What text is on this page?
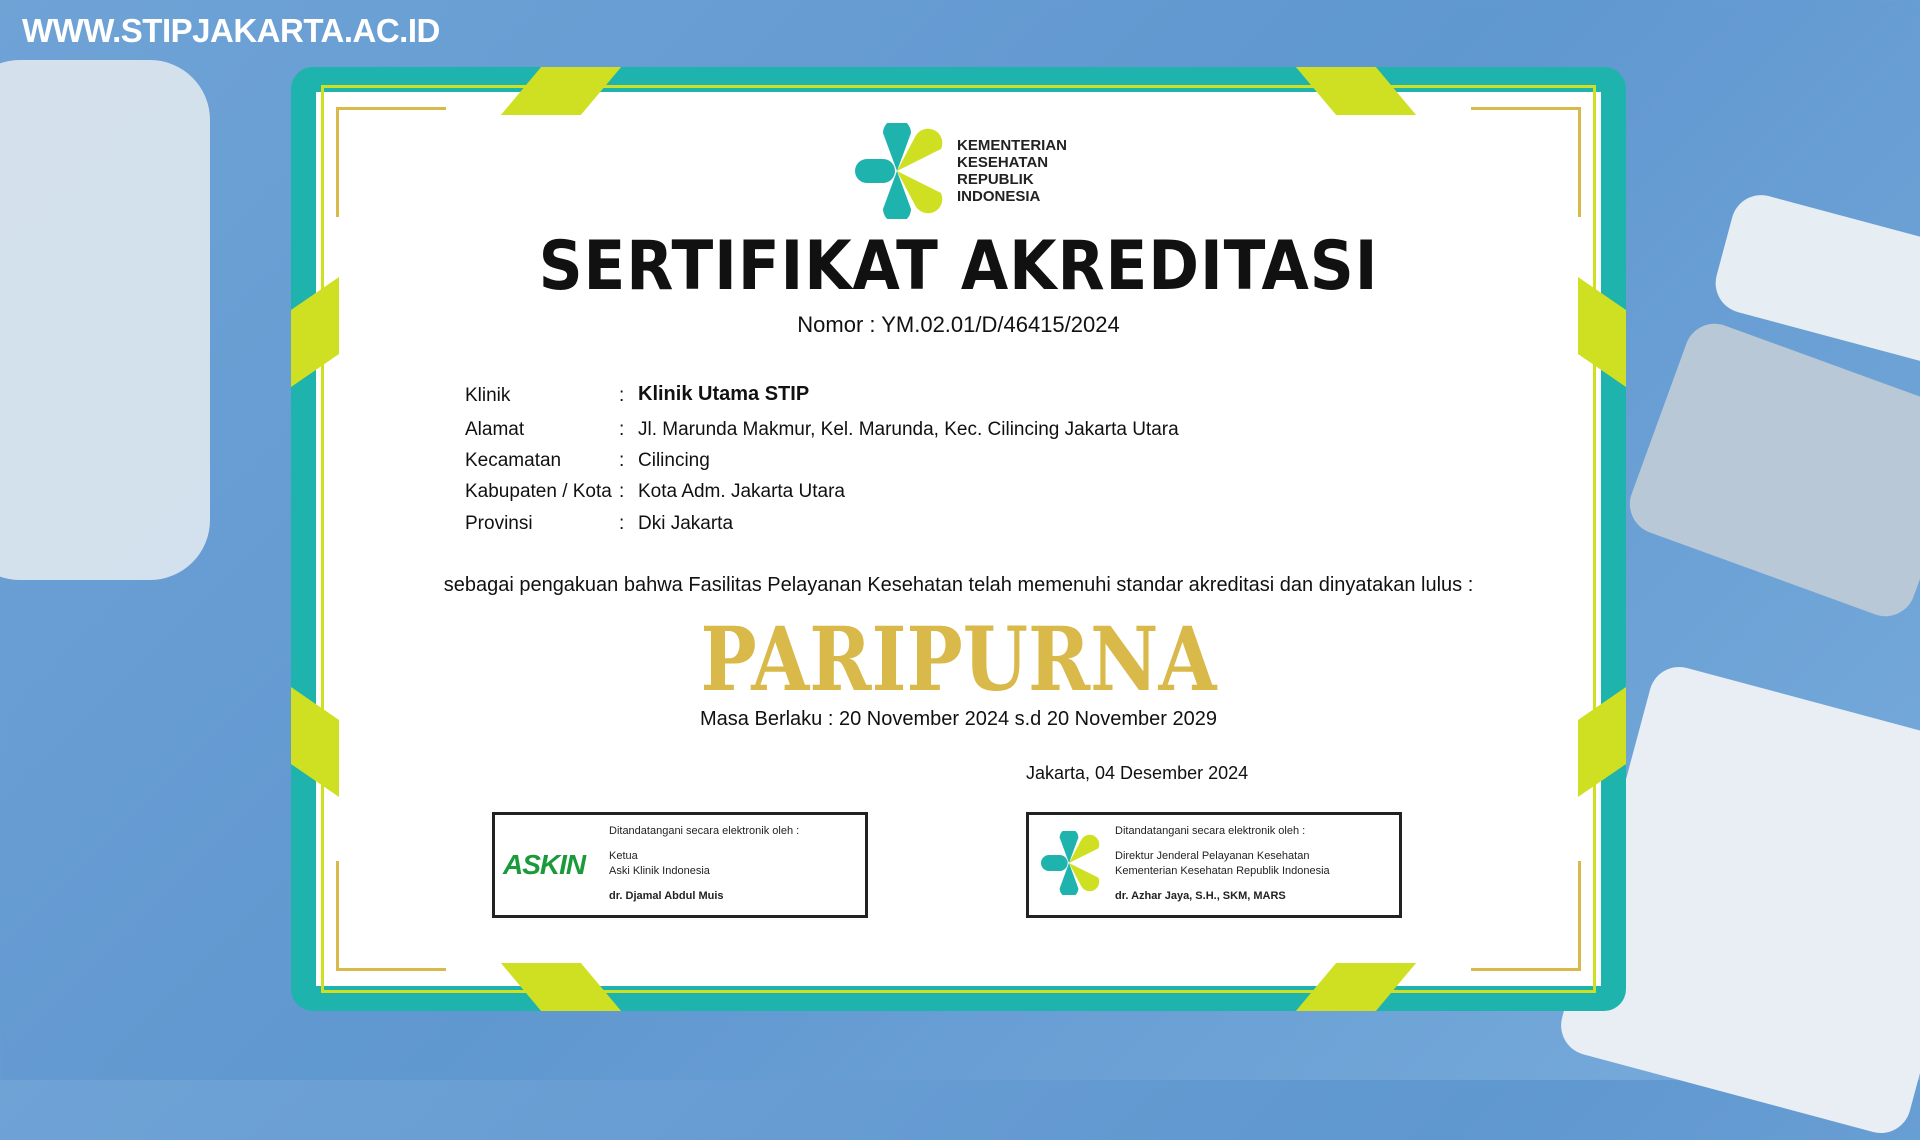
WWW.STIPJAKARTA.AC.ID
KEMENTERIAN
KESEHATAN
REPUBLIK
INDONESIA
SERTIFIKAT AKREDITASI
Nomor : YM.02.01/D/46415/2024
Klinik	: Klinik Utama STIP
Alamat	: Jl. Marunda Makmur, Kel. Marunda, Kec. Cilincing Jakarta Utara
Kecamatan	: Cilincing
Kabupaten / Kota : Kota Adm. Jakarta Utara
Provinsi	: Dki Jakarta
sebagai pengakuan bahwa Fasilitas Pelayanan Kesehatan telah memenuhi standar akreditasi dan dinyatakan lulus :
PARIPURNA
Masa Berlaku : 20 November 2024 s.d 20 November 2029
Jakarta, 04 Desember 2024
ASKIN
Ditandatangani secara elektronik oleh :
Ketua
Aski Klinik Indonesia
dr. Djamal Abdul Muis
Ditandatangani secara elektronik oleh :
Direktur Jenderal Pelayanan Kesehatan
Kementerian Kesehatan Republik Indonesia
dr. Azhar Jaya, S.H., SKM, MARS
